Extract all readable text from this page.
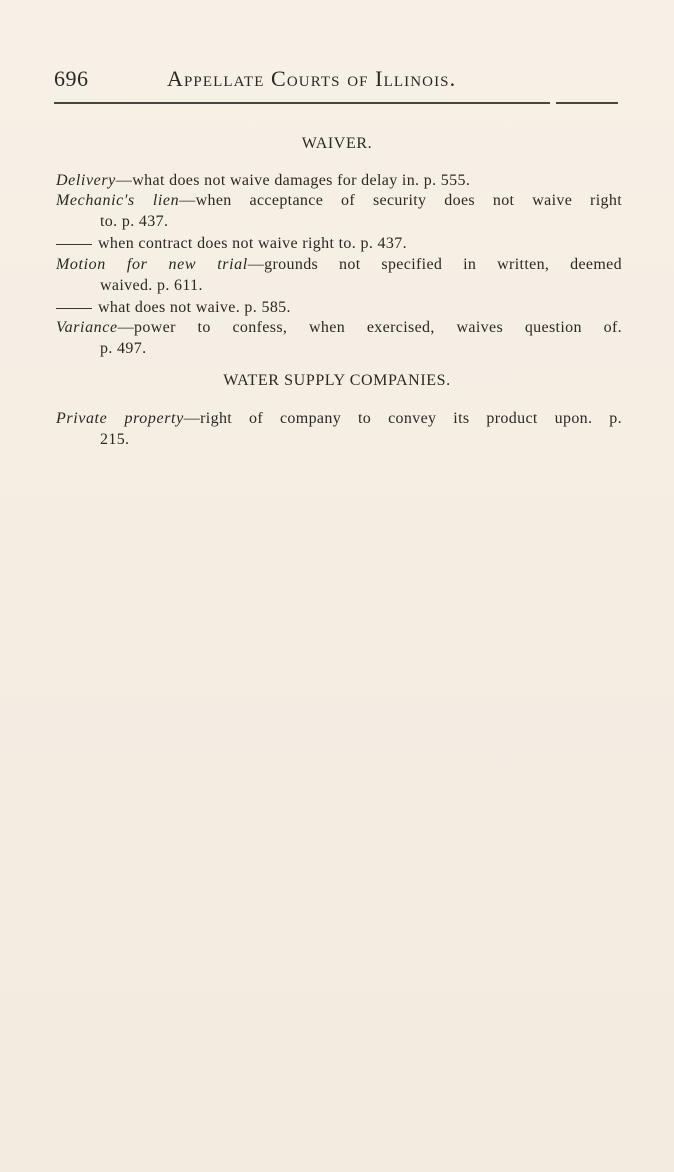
696	Appellate Courts of Illinois.
WAIVER.
Delivery—what does not waive damages for delay in. p. 555.
Mechanic's lien—when acceptance of security does not waive right
to. p. 437.
when contract does not waive right to. p. 437.
Motion for new trial—grounds not specified in written, deemed
waived. p. 611.
what does not waive. p. 585.
Variance—power to confess, when exercised, waives question of.
p. 497.
WATER SUPPLY COMPANIES.
Private property—right of company to convey its product upon. p.
215.
